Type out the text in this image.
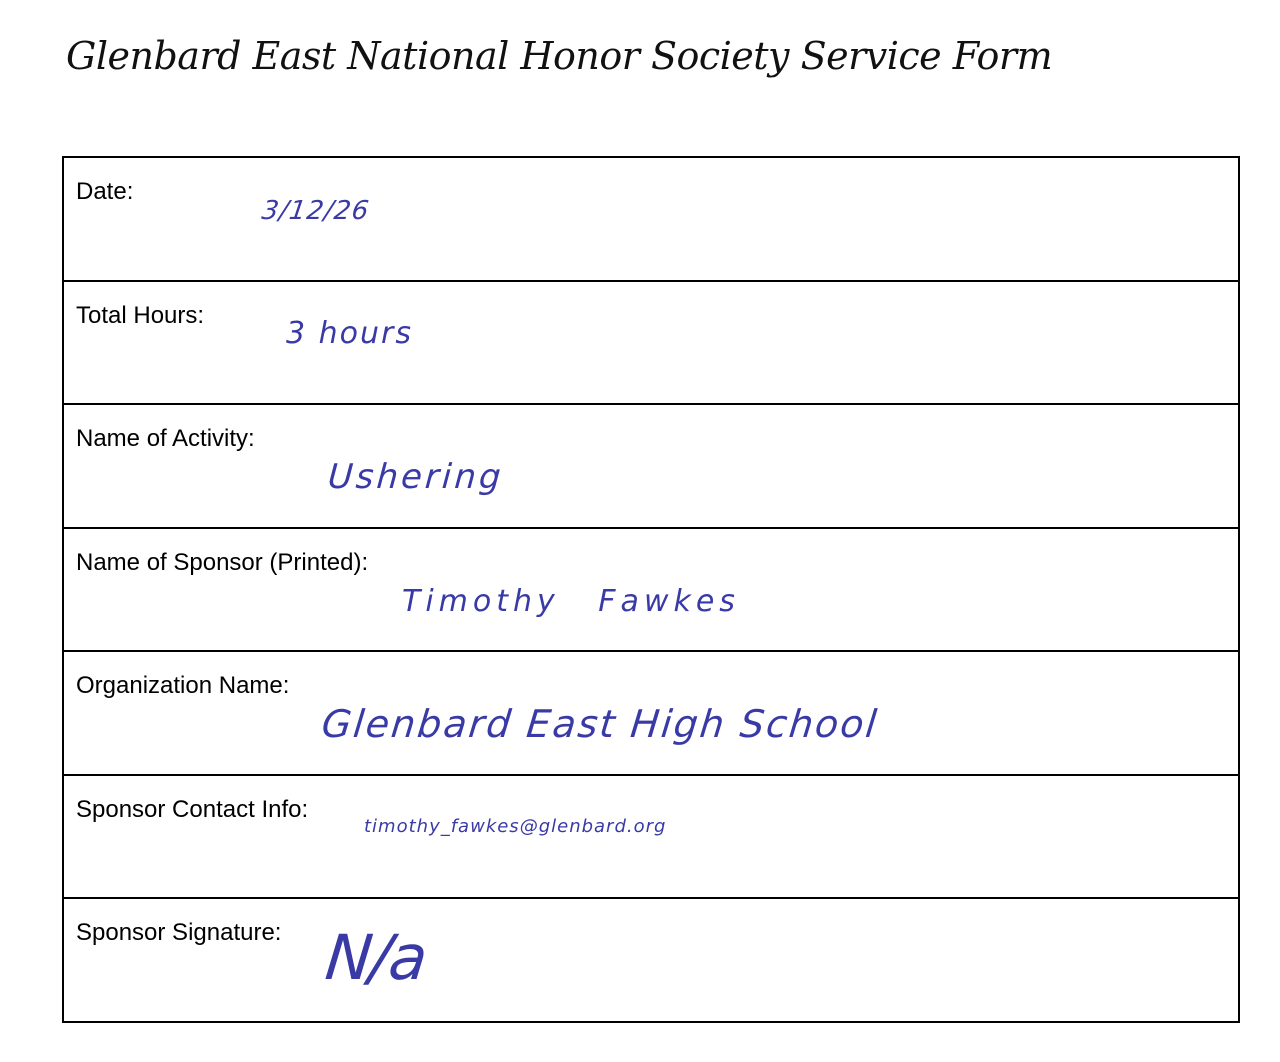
Glenbard East National Honor Society Service Form
Date:
3/12/26
Total Hours:
3 hours
Name of Activity:
Ushering
Name of Sponsor (Printed):
Timothy Fawkes
Organization Name:
Glenbard East High School
Sponsor Contact Info:
timothy_fawkes@glenbard.org
Sponsor Signature: N/a
